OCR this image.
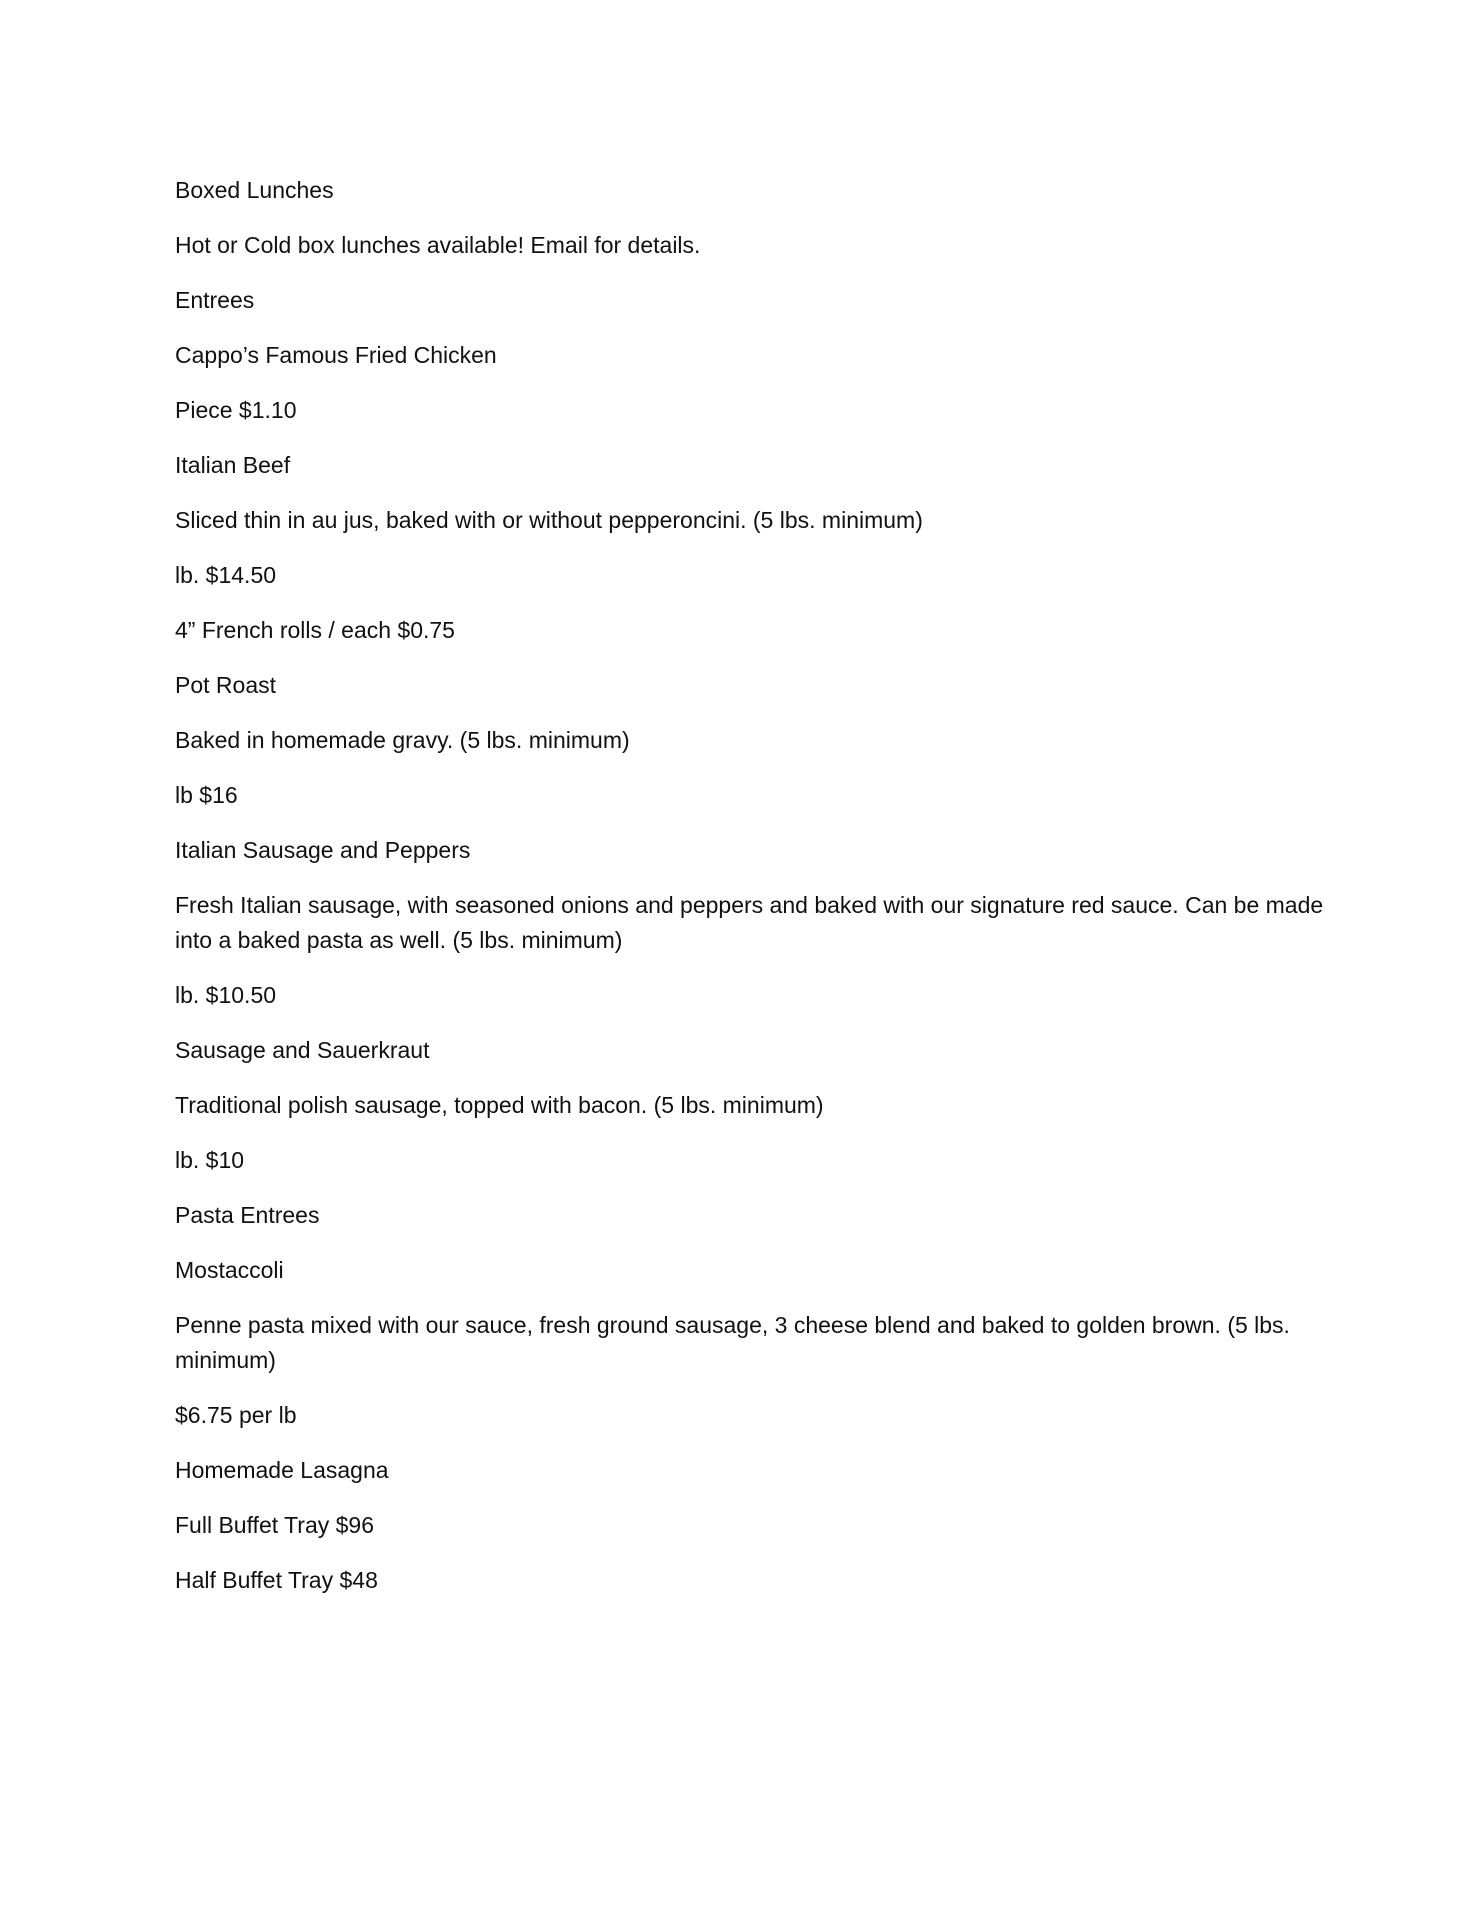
Boxed Lunches

Hot or Cold box lunches available! Email for details.

Entrees

Cappo’s Famous Fried Chicken

Piece $1.10

Italian Beef

Sliced thin in au jus, baked with or without pepperoncini. (5 lbs. minimum)

lb. $14.50

4” French rolls / each $0.75

Pot Roast

Baked in homemade gravy. (5 lbs. minimum)

lb $16

Italian Sausage and Peppers

Fresh Italian sausage, with seasoned onions and peppers and baked with our signature red sauce. Can be made into a baked pasta as well. (5 lbs. minimum)

lb. $10.50

Sausage and Sauerkraut

Traditional polish sausage, topped with bacon. (5 lbs. minimum)

lb. $10

Pasta Entrees

Mostaccoli

Penne pasta mixed with our sauce, fresh ground sausage, 3 cheese blend and baked to golden brown. (5 lbs. minimum)

$6.75 per lb

Homemade Lasagna

Full Buffet Tray $96

Half Buffet Tray $48
